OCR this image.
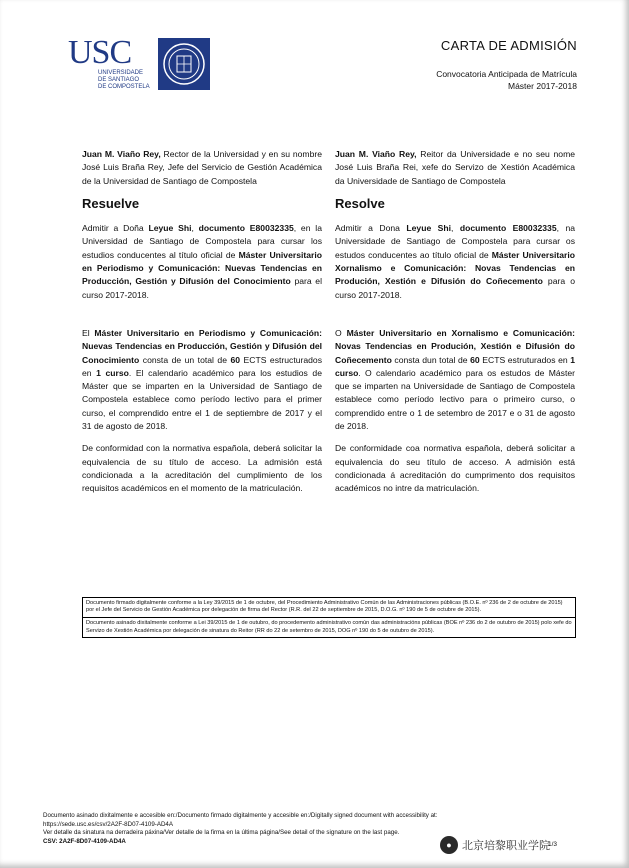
USC
UNIVERSIDADE
DE SANTIAGO
DE COMPOSTELA
CARTA DE ADMISIÓN
Convocatoria Anticipada de Matrícula
Máster 2017-2018

Juan M. Viaño Rey, Rector de la Universidad y en su nombre José Luis Braña Rey, Jefe del Servicio de Gestión Académica de la Universidad de Santiago de Compostela

Resuelve

Admitir a Doña Leyue Shi, documento E80032335, en la Universidad de Santiago de Compostela para cursar los estudios conducentes al título oficial de Máster Universitario en Periodismo y Comunicación: Nuevas Tendencias en Producción, Gestión y Difusión del Conocimiento para el curso 2017-2018.

El Máster Universitario en Periodismo y Comunicación: Nuevas Tendencias en Producción, Gestión y Difusión del Conocimiento consta de un total de 60 ECTS estructurados en 1 curso. El calendario académico para los estudios de Máster que se imparten en la Universidad de Santiago de Compostela establece como período lectivo para el primer curso, el comprendido entre el 1 de septiembre de 2017 y el 31 de agosto de 2018.

De conformidad con la normativa española, deberá solicitar la equivalencia de su título de acceso. La admisión está condicionada a la acreditación del cumplimiento de los requisitos académicos en el momento de la matriculación.

Juan M. Viaño Rey, Reitor da Universidade e no seu nome José Luis Braña Rei, xefe do Servizo de Xestión Académica da Universidade de Santiago de Compostela

Resolve

Admitir a Dona Leyue Shi, documento E80032335, na Universidade de Santiago de Compostela para cursar os estudos conducentes ao título oficial de Máster Universitario Xornalismo e Comunicación: Novas Tendencias en Produción, Xestión e Difusión do Coñecemento para o curso 2017-2018.

O Máster Universitario en Xornalismo e Comunicación: Novas Tendencias en Produción, Xestión e Difusión do Coñecemento consta dun total de 60 ECTS estruturados en 1 curso. O calendario académico para os estudos de Máster que se imparten na Universidade de Santiago de Compostela establece como período lectivo para o primeiro curso, o comprendido entre o 1 de setembro de 2017 e o 31 de agosto de 2018.

De conformidade coa normativa española, deberá solicitar a equivalencia do seu título de acceso. A admisión está condicionada á acreditación do cumprimento dos requisitos académicos no intre da matriculación.

Documento firmado digitalmente conforme a la Ley 39/2015 de 1 de octubre, del Procedimiento Administrativo Común de las Administraciones públicas (B.O.E. nº 236 de 2 de octubre de 2015) por el Jefe del Servicio de Gestión Académica por delegación de firma del Rector (R.R. del 22 de septiembre de 2015, D.O.G. nº 190 de 5 de octubre de 2015).
Documento asinado dixitalmente conforme a Lei 39/2015 de 1 de outubro, do procedemento administrativo común das administracións públicas (BOE nº 236 do 2 de outubro de 2015) polo xefe do Servizo de Xestión Académica por delegación de sinatura do Reitor (RR do 22 de setembro de 2015, DOG nº 190 do 5 de outubro de 2015).
Documento asinado dixitalmente e accesible en:/Documento firmado digitalmente y accesible en:/Digitally signed document with accessibility at:
https://sede.usc.es/csv/2A2F-8D07-4109-AD4A
Ver detalle da sinatura na derradeira páxina/Ver detalle de la firma en la última página/See detail of the signature on the last page.
CSV: 2A2F-8D07-4109-AD4A	1/3
● 北京培黎职业学院
